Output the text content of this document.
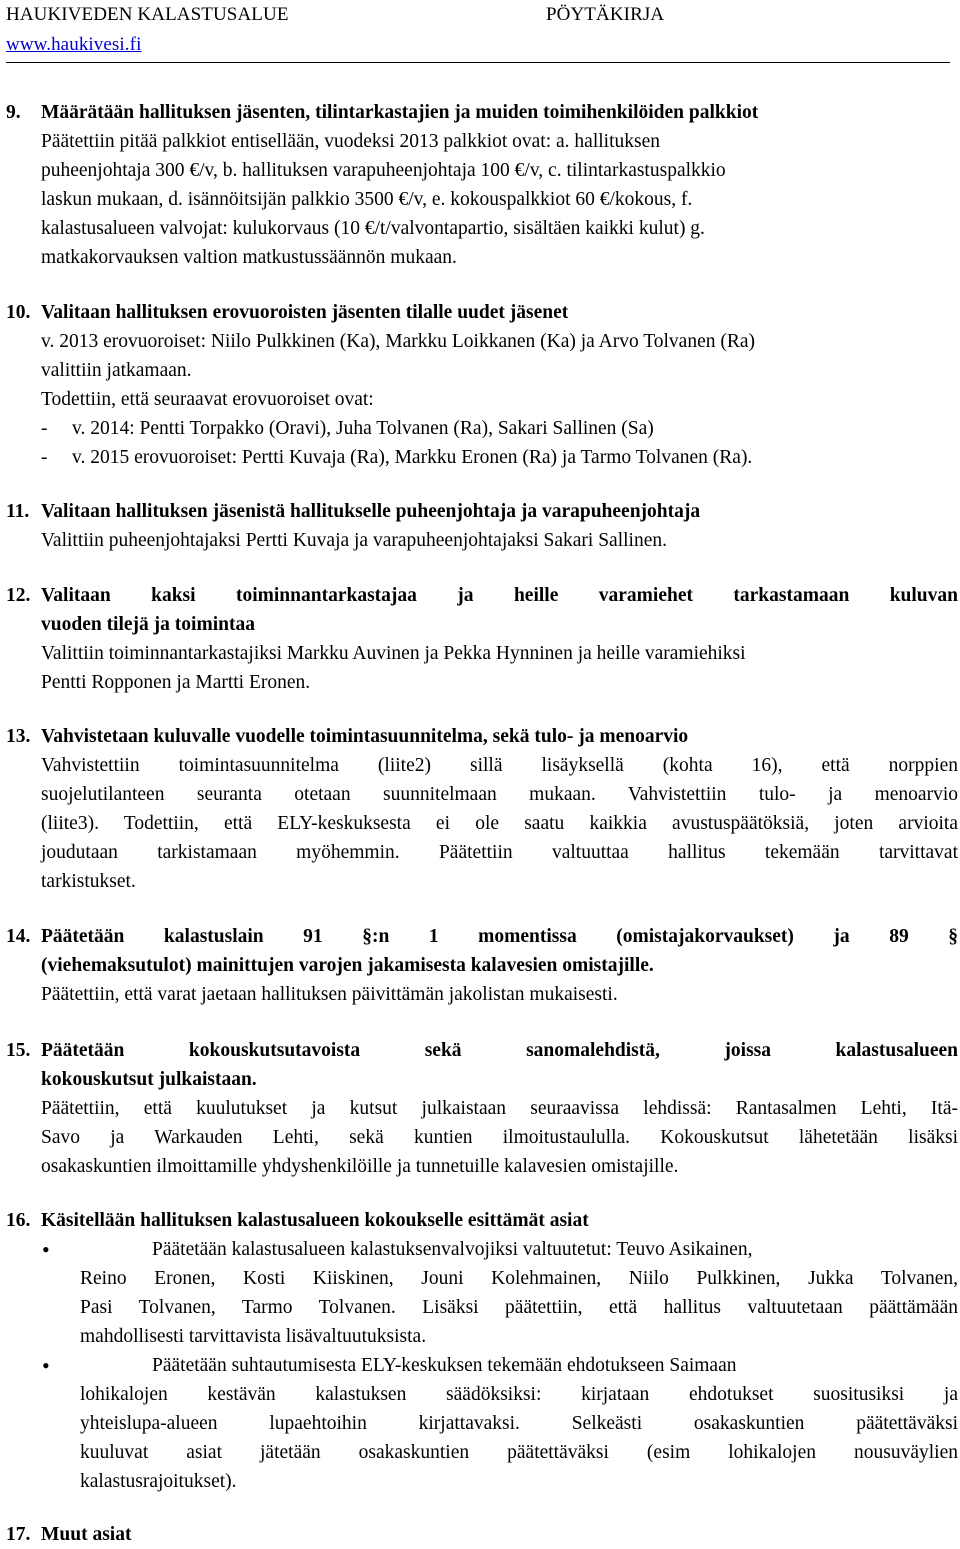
HAUKIVEDEN KALASTUSALUE	PÖYTÄKIRJA
www.haukivesi.fi
9.	Määrätään hallituksen jäsenten, tilintarkastajien ja muiden toimihenkilöiden palkkiot
Päätettiin pitää palkkiot entisellään, vuodeksi 2013 palkkiot ovat: a. hallituksen
puheenjohtaja 300 €/v, b. hallituksen varapuheenjohtaja 100 €/v, c. tilintarkastuspalkkio
laskun mukaan, d. isännöitsijän palkkio 3500 €/v, e. kokouspalkkiot 60 €/kokous, f.
kalastusalueen valvojat: kulukorvaus (10 €/t/valvontapartio, sisältäen kaikki kulut) g.
matkakorvauksen valtion matkustussäännön mukaan.
10. Valitaan hallituksen erovuoroisten jäsenten tilalle uudet jäsenet
v. 2013 erovuoroiset: Niilo Pulkkinen (Ka), Markku Loikkanen (Ka) ja Arvo Tolvanen (Ra)
valittiin jatkamaan.
Todettiin, että seuraavat erovuoroiset ovat:
-	v. 2014: Pentti Torpakko (Oravi), Juha Tolvanen (Ra), Sakari Sallinen (Sa)
-	v. 2015 erovuoroiset: Pertti Kuvaja (Ra), Markku Eronen (Ra) ja Tarmo Tolvanen (Ra).
11. Valitaan hallituksen jäsenistä hallitukselle puheenjohtaja ja varapuheenjohtaja
Valittiin puheenjohtajaksi Pertti Kuvaja ja varapuheenjohtajaksi Sakari Sallinen.
12. Valitaan kaksi toiminnantarkastajaa ja heille varamiehet tarkastamaan kuluvan
vuoden tilejä ja toimintaa
Valittiin toiminnantarkastajiksi Markku Auvinen ja Pekka Hynninen ja heille varamiehiksi
Pentti Ropponen ja Martti Eronen.
13. Vahvistetaan kuluvalle vuodelle toimintasuunnitelma, sekä tulo- ja menoarvio
Vahvistettiin toimintasuunnitelma (liite2) sillä lisäyksellä (kohta 16), että norppien
suojelutilanteen seuranta otetaan suunnitelmaan mukaan. Vahvistettiin tulo- ja menoarvio
(liite3). Todettiin, että ELY-keskuksesta ei ole saatu kaikkia avustuspäätöksiä, joten arvioita
joudutaan tarkistamaan myöhemmin. Päätettiin valtuuttaa hallitus tekemään tarvittavat
tarkistukset.
14. Päätetään kalastuslain 91 §:n 1 momentissa (omistajakorvaukset) ja 89 §
(viehemaksutulot) mainittujen varojen jakamisesta kalavesien omistajille.
Päätettiin, että varat jaetaan hallituksen päivittämän jakolistan mukaisesti.
15. Päätetään kokouskutsutavoista sekä sanomalehdistä, joissa kalastusalueen
kokouskutsut julkaistaan.
Päätettiin, että kuulutukset ja kutsut julkaistaan seuraavissa lehdissä: Rantasalmen Lehti, Itä-
Savo ja Warkauden Lehti, sekä kuntien ilmoitustaululla. Kokouskutsut lähetetään lisäksi
osakaskuntien ilmoittamille yhdyshenkilöille ja tunnetuille kalavesien omistajille.
16. Käsitellään hallituksen kalastusalueen kokoukselle esittämät asiat
•	Päätetään kalastusalueen kalastuksenvalvojiksi valtuutetut: Teuvo Asikainen,
Reino Eronen, Kosti Kiiskinen, Jouni Kolehmainen, Niilo Pulkkinen, Jukka Tolvanen,
Pasi Tolvanen, Tarmo Tolvanen. Lisäksi päätettiin, että hallitus valtuutetaan päättämään
mahdollisesti tarvittavista lisävaltuutuksista.
•	Päätetään suhtautumisesta ELY-keskuksen tekemään ehdotukseen Saimaan
lohikalojen kestävän kalastuksen säädöksiksi: kirjataan ehdotukset suositusiksi ja
yhteislupa-alueen lupaehtoihin kirjattavaksi. Selkeästi osakaskuntien päätettäväksi
kuuluvat asiat jätetään osakaskuntien päätettäväksi (esim lohikalojen nousuväylien
kalastusrajoitukset).
17. Muut asiat
